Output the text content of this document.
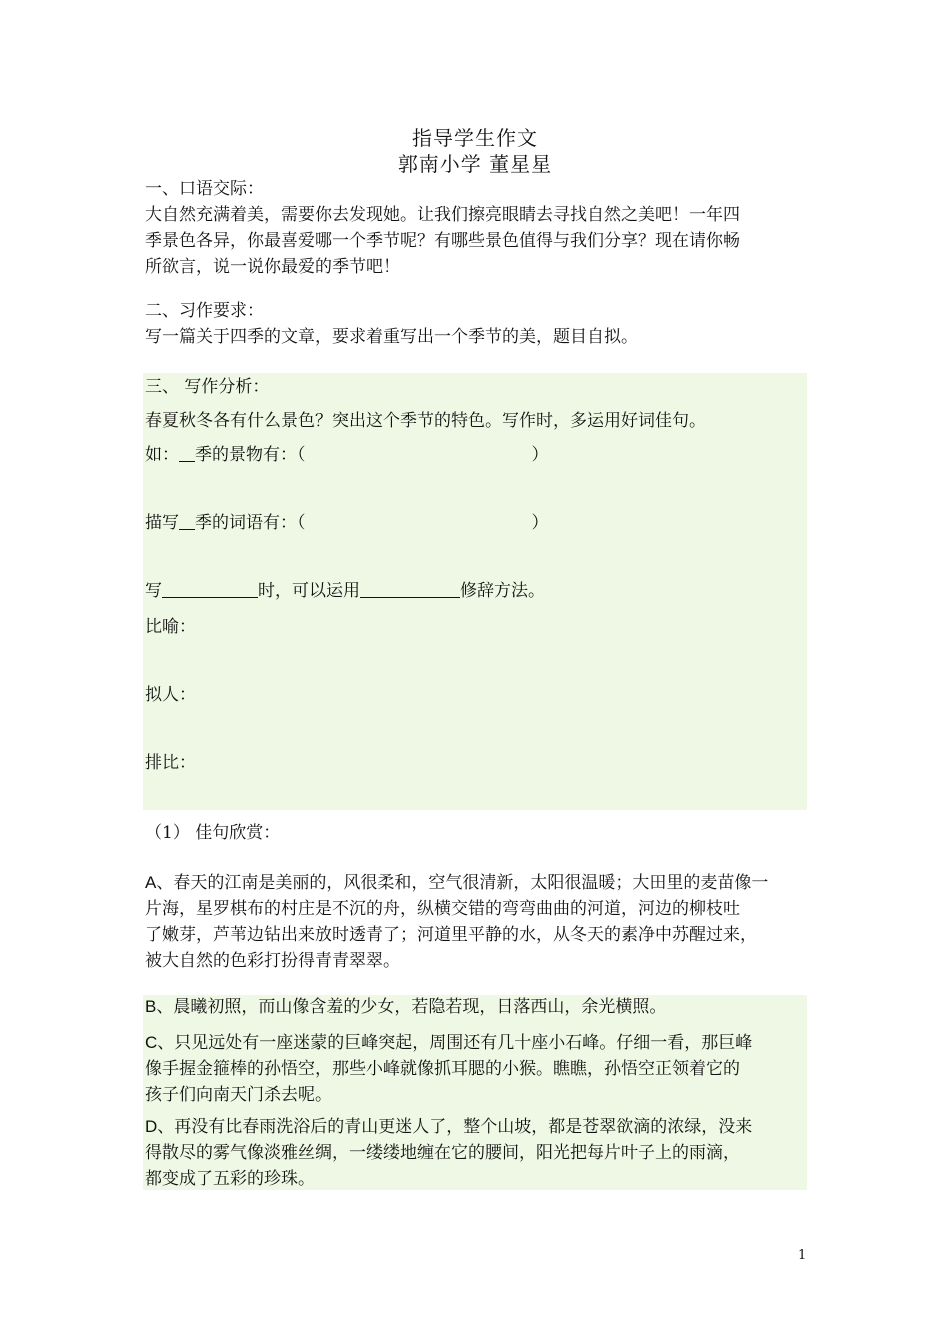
指导学生作文
郭南小学 董星星
一、口语交际：
大自然充满着美，需要你去发现她。让我们擦亮眼睛去寻找自然之美吧！一年四
季景色各异，你最喜爱哪一个季节呢？有哪些景色值得与我们分享？现在请你畅
所欲言，说一说你最爱的季节吧！
二、习作要求：
写一篇关于四季的文章，要求着重写出一个季节的美，题目自拟。
三、 写作分析：
春夏秋冬各有什么景色？突出这个季节的特色。写作时，多运用好词佳句。
如： 季的景物有：（	）
描写 季的词语有：（	）
写	时，可以运用	修辞方法。
比喻：
拟人：
排比：
（1） 佳句欣赏：
A、春天的江南是美丽的，风很柔和，空气很清新，太阳很温暖；大田里的麦苗像一
片海，星罗棋布的村庄是不沉的舟，纵横交错的弯弯曲曲的河道，河边的柳枝吐
了嫩芽，芦苇边钻出来放时透青了；河道里平静的水，从冬天的素净中苏醒过来，
被大自然的色彩打扮得青青翠翠。
B、晨曦初照，而山像含羞的少女，若隐若现，日落西山，余光横照。
C、只见远处有一座迷蒙的巨峰突起，周围还有几十座小石峰。仔细一看，那巨峰
像手握金箍棒的孙悟空，那些小峰就像抓耳腮的小猴。瞧瞧，孙悟空正领着它的
孩子们向南天门杀去呢。
D、再没有比春雨洗浴后的青山更迷人了，整个山坡，都是苍翠欲滴的浓绿，没来
得散尽的雾气像淡雅丝绸，一缕缕地缠在它的腰间，阳光把每片叶子上的雨滴，
都变成了五彩的珍珠。
1
